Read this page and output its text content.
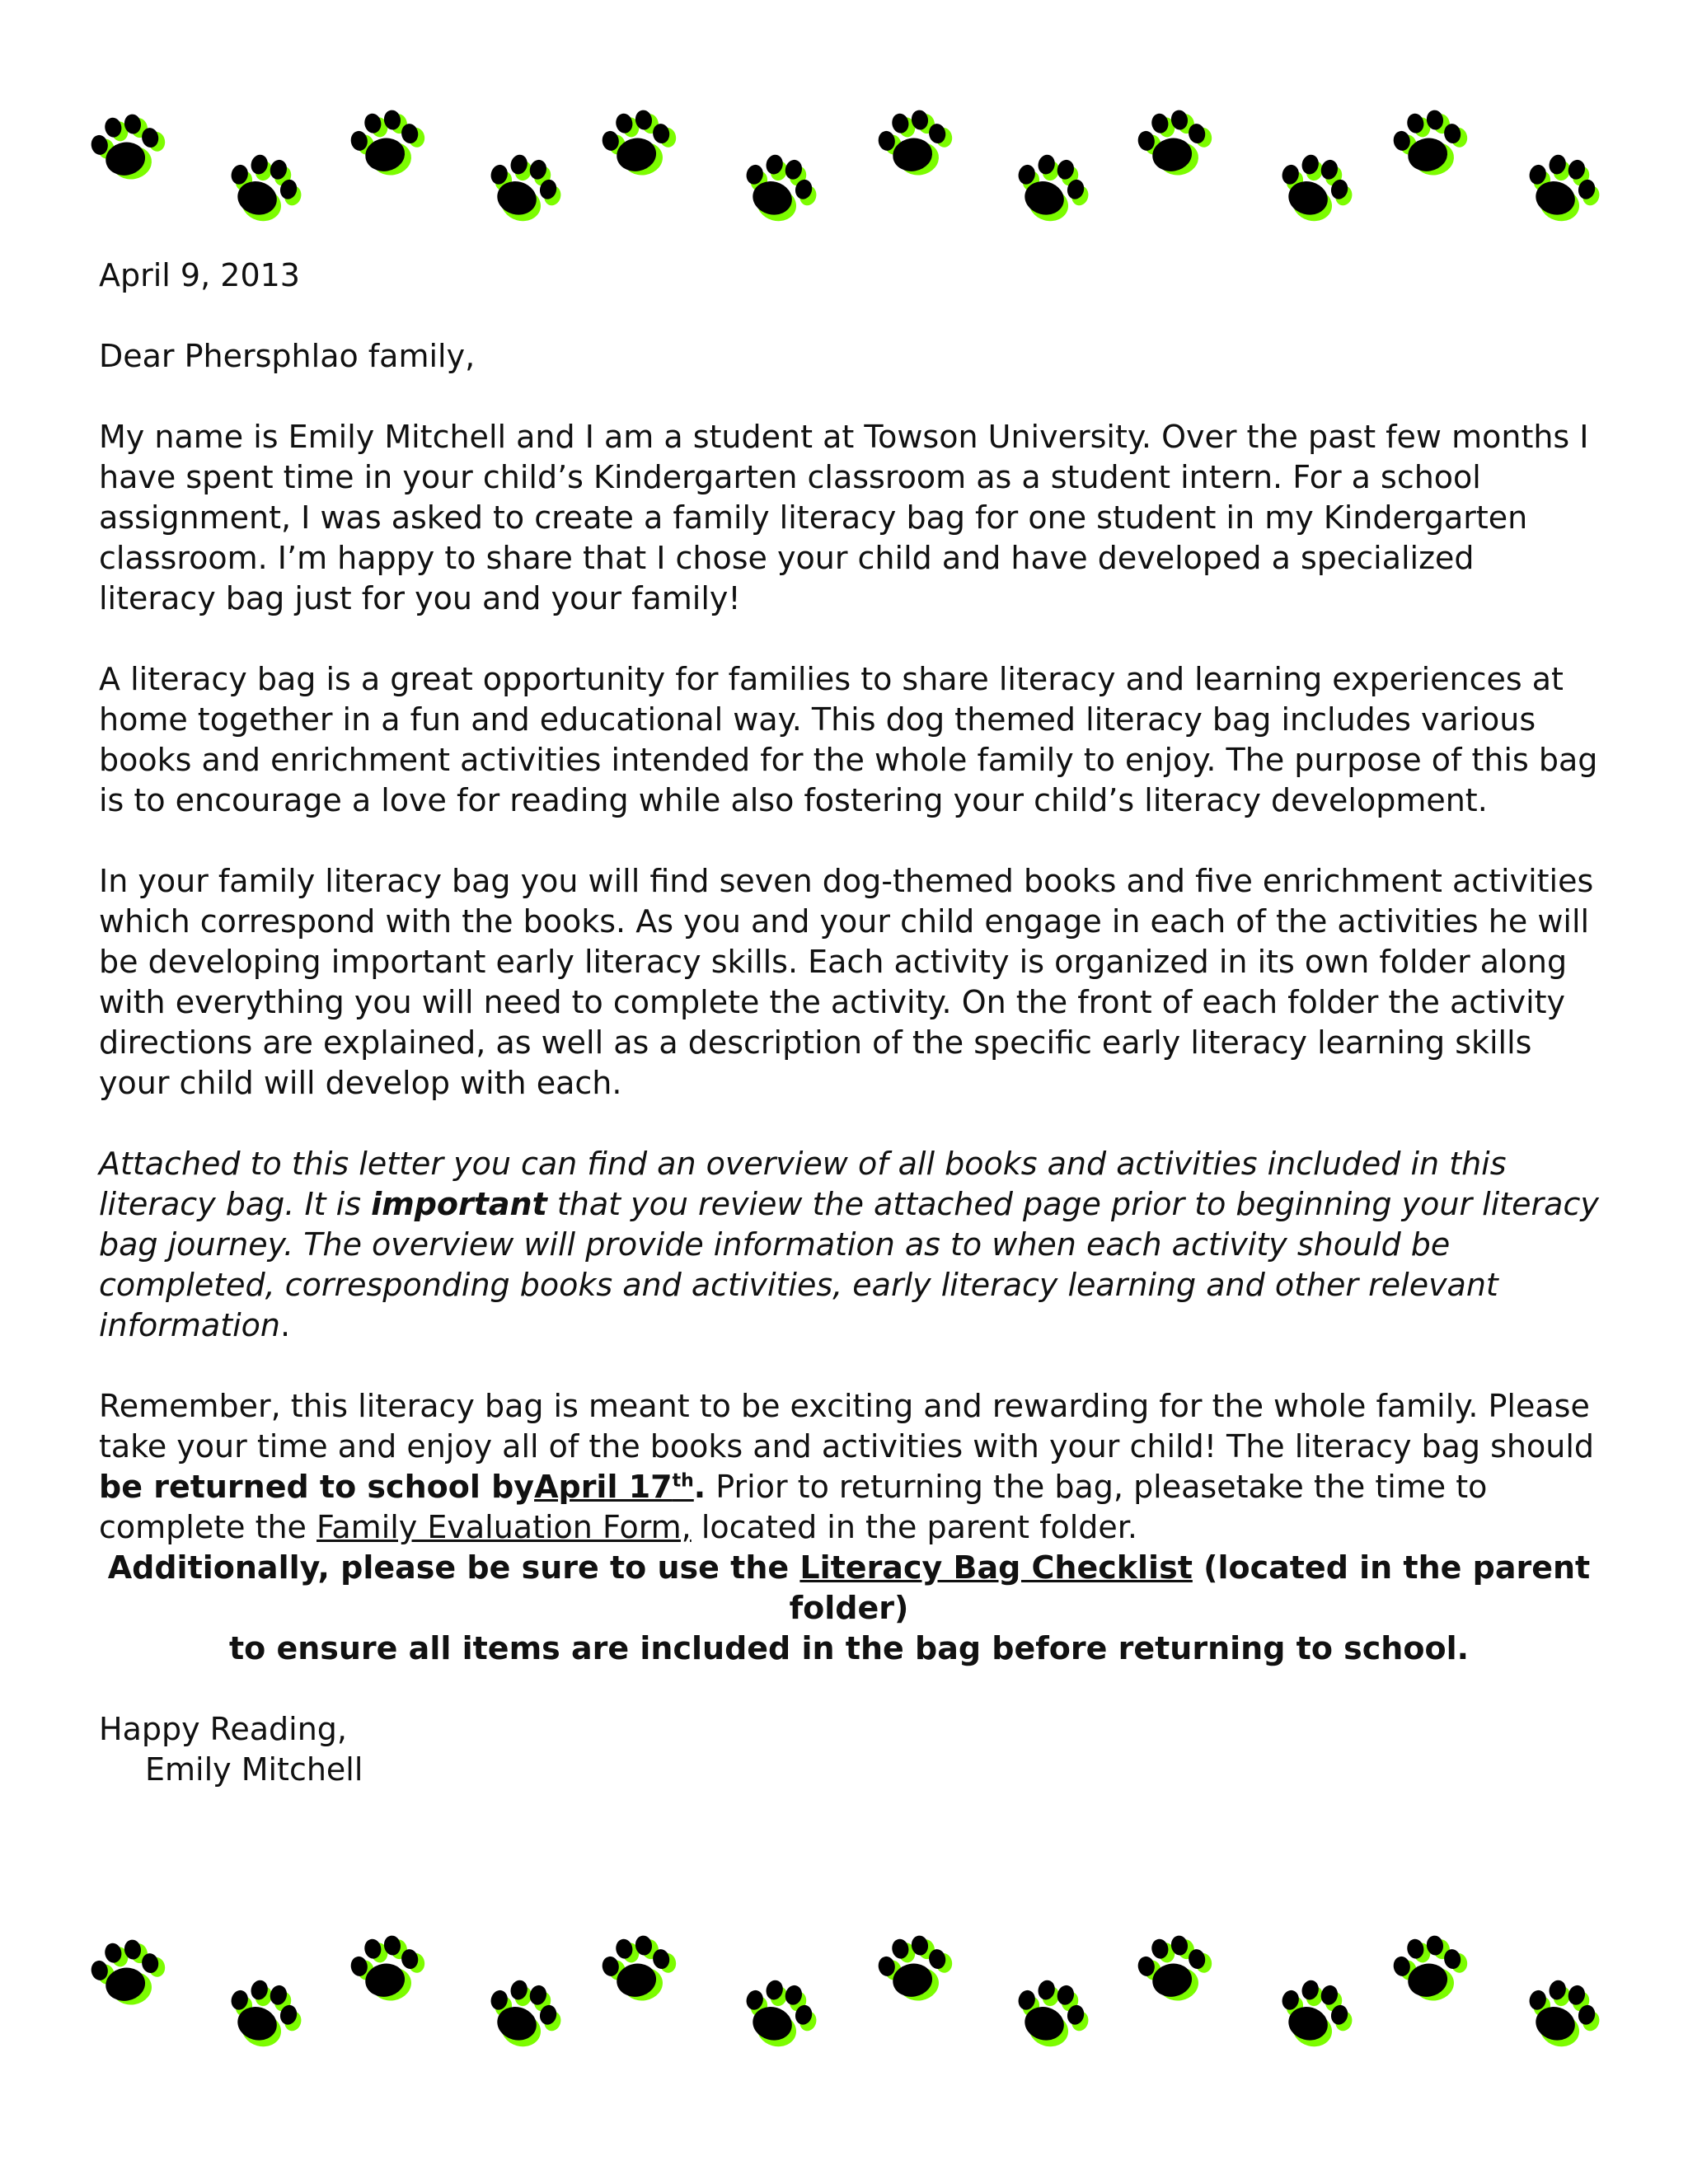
April 9, 2013

Dear Phersphlao family,

My name is Emily Mitchell and I am a student at Towson University. Over the past few months I have spent time in your child’s Kindergarten classroom as a student intern. For a school assignment, I was asked to create a family literacy bag for one student in my Kindergarten classroom. I’m happy to share that I chose your child and have developed a specialized literacy bag just for you and your family!

A literacy bag is a great opportunity for families to share literacy and learning experiences at home together in a fun and educational way. This dog themed literacy bag includes various books and enrichment activities intended for the whole family to enjoy. The purpose of this bag is to encourage a love for reading while also fostering your child’s literacy development.

In your family literacy bag you will find seven dog-themed books and five enrichment activities which correspond with the books. As you and your child engage in each of the activities he will be developing important early literacy skills. Each activity is organized in its own folder along with everything you will need to complete the activity. On the front of each folder the activity directions are explained, as well as a description of the specific early literacy learning skills your child will develop with each.

Attached to this letter you can find an overview of all books and activities included in this literacy bag. It is important that you review the attached page prior to beginning your literacy bag journey. The overview will provide information as to when each activity should be completed, corresponding books and activities, early literacy learning and other relevant information.

Remember, this literacy bag is meant to be exciting and rewarding for the whole family. Please take your time and enjoy all of the books and activities with your child! The literacy bag should be returned to school byApril 17th. Prior to returning the bag, pleasetake the time to complete the Family Evaluation Form, located in the parent folder.

Additionally, please be sure to use the Literacy Bag Checklist (located in the parent folder)
to ensure all items are included in the bag before returning to school.

Happy Reading,

Emily Mitchell
